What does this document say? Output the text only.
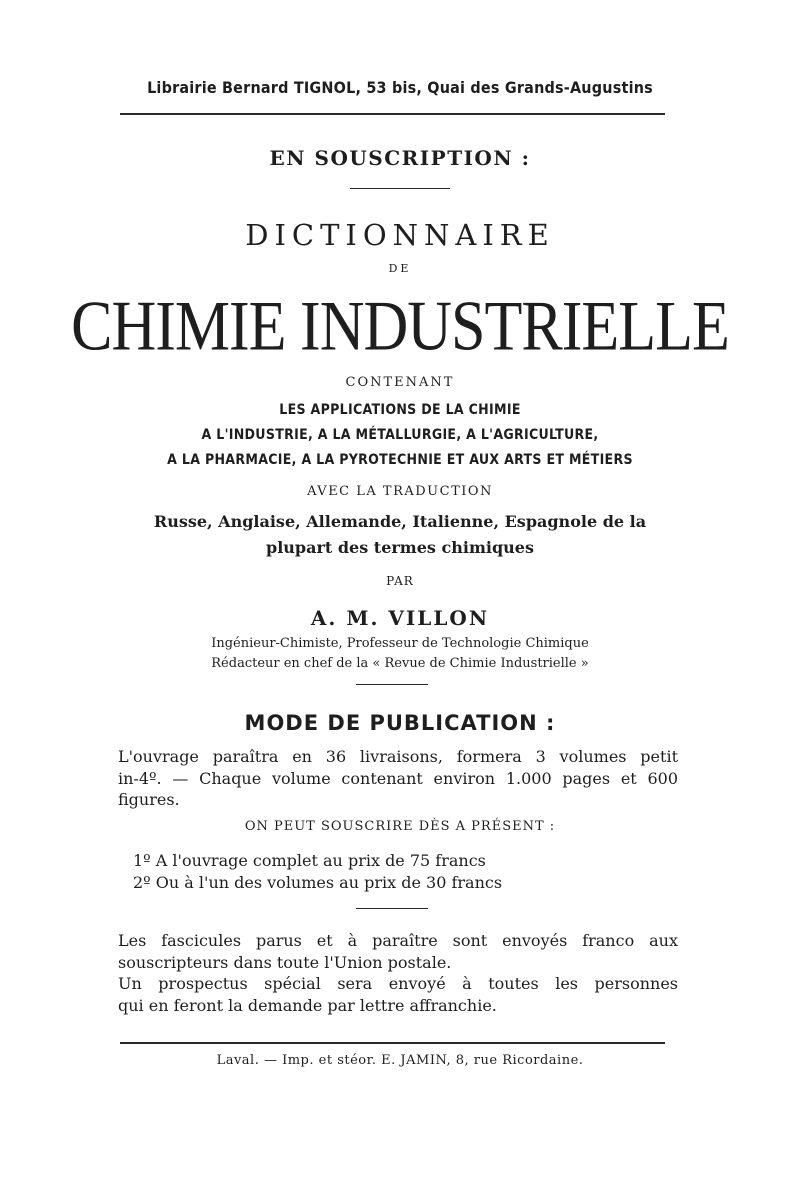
Librairie Bernard TIGNOL, 53 bis, Quai des Grands-Augustins
EN SOUSCRIPTION :
DICTIONNAIRE
DE
CHIMIE INDUSTRIELLE
CONTENANT
LES APPLICATIONS DE LA CHIMIE
A L'INDUSTRIE, A LA MÉTALLURGIE, A L'AGRICULTURE,
A LA PHARMACIE, A LA PYROTECHNIE ET AUX ARTS ET MÉTIERS
AVEC LA TRADUCTION
Russe, Anglaise, Allemande, Italienne, Espagnole de la
plupart des termes chimiques
PAR
A. M. VILLON
Ingénieur-Chimiste, Professeur de Technologie Chimique
Rédacteur en chef de la « Revue de Chimie Industrielle »
MODE DE PUBLICATION :
L'ouvrage paraîtra en 36 livraisons, formera 3 volumes petit
in-4º. — Chaque volume contenant environ 1.000 pages et 600
figures.
ON PEUT SOUSCRIRE DÈS A PRÉSENT :
1º A l'ouvrage complet au prix de 75 francs
2º Ou à l'un des volumes au prix de 30 francs
Les fascicules parus et à paraître sont envoyés franco aux
souscripteurs dans toute l'Union postale.
Un prospectus spécial sera envoyé à toutes les personnes
qui en feront la demande par lettre affranchie.
Laval. — Imp. et stéor. E. JAMIN, 8, rue Ricordaine.
